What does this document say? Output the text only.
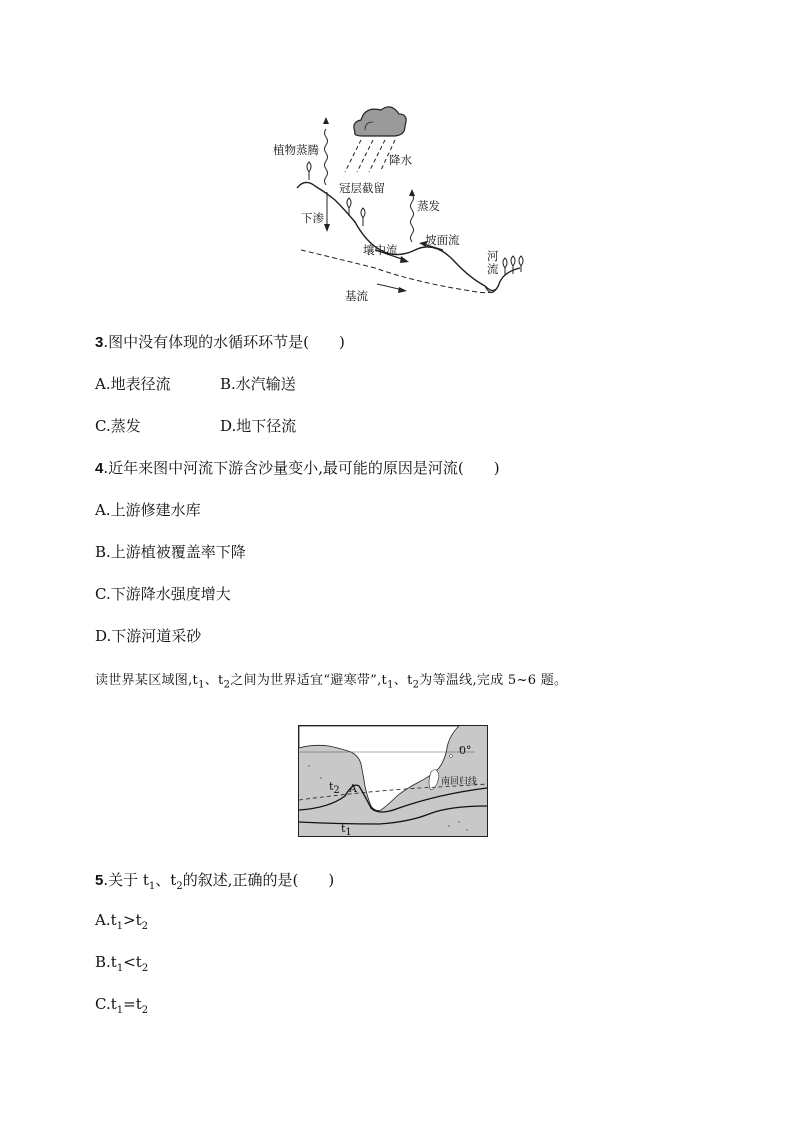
植物蒸腾
降水
冠层截留
下渗
蒸发
壤中流
坡面流
河流
基流
3.图中没有体现的水循环环节是(　　)
A.地表径流	B.水汽输送
C.蒸发	D.地下径流
4.近年来图中河流下游含沙量变小,最可能的原因是河流(　　)
A.上游修建水库
B.上游植被覆盖率下降
C.下游降水强度增大
D.下游河道采砂
读世界某区域图$,t_1$、$t_2$之间为世界适宜“避寒带$”,t_1$、$t_2$为等温线,完成 5~6 题。
0°
南回归线
$t_2$ A
$t_1$
5.关于 $t_1$、$t_2$的叙述,正确的是(　　)
$A.t_1>t_2$
$B.t_1<t_2$
$C.t_1=t_2$
